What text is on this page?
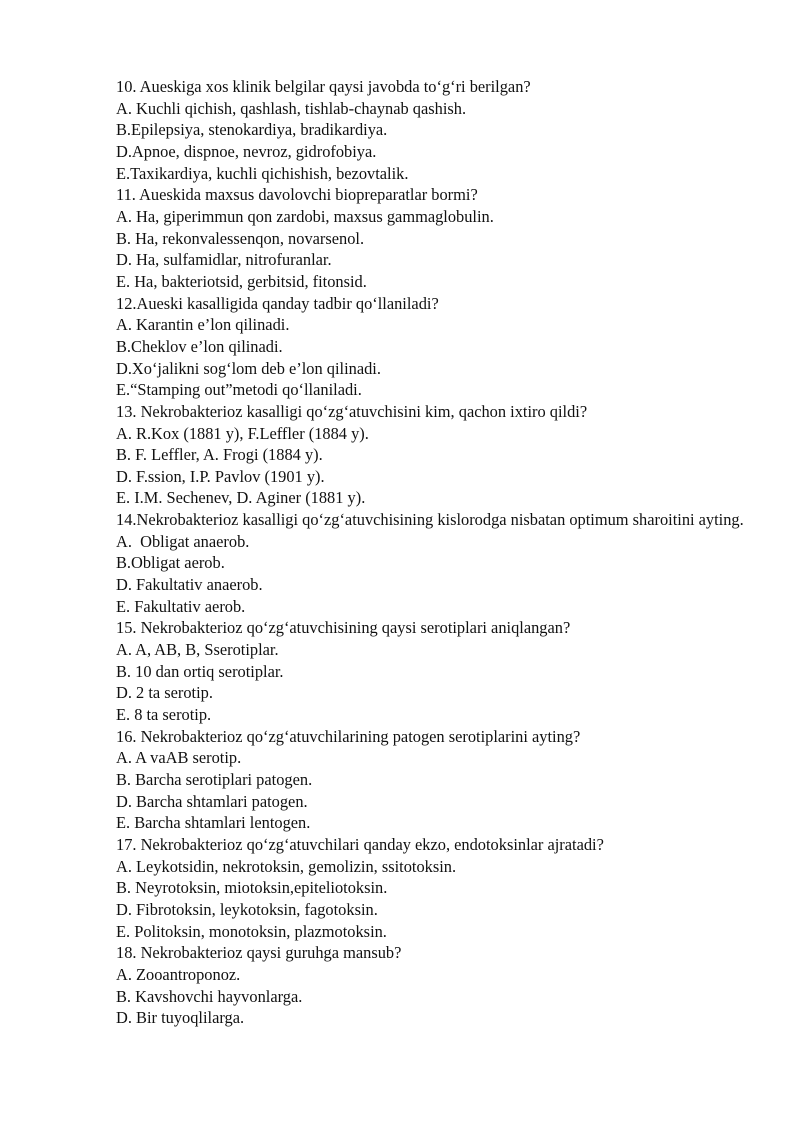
10. Aueskiga xos klinik belgilar qaysi javobda to‘g‘ri berilgan?

A. Kuchli qichish, qashlash, tishlab-chaynab qashish.

B.Epilepsiya, stenokardiya, bradikardiya.

D.Apnoe, dispnoe, nevroz, gidrofobiya.

E.Taxikardiya, kuchli qichishish, bezovtalik.

11. Aueskida maxsus davolovchi biopreparatlar bormi?

A. Ha, giperimmun qon zardobi, maxsus gammaglobulin.

B. Ha, rekonvalessenqon, novarsenol.

D. Ha, sulfamidlar, nitrofuranlar.

E. Ha, bakteriotsid, gerbitsid, fitonsid.

12.Aueski kasalligida qanday tadbir qo‘llaniladi?

A. Karantin e’lon qilinadi.

B.Cheklov e’lon qilinadi.

D.Xo‘jalikni sog‘lom deb e’lon qilinadi.

E.“Stamping out”metodi qo‘llaniladi.

13. Nekrobakterioz kasalligi qo‘zg‘atuvchisini kim, qachon ixtiro qildi?

A. R.Kox (1881 y), F.Leffler (1884 y).

B. F. Leffler, A. Frogi (1884 y).

D. F.ssion, I.P. Pavlov (1901 y).

E. I.M. Sechenev, D. Aginer (1881 y).

14.Nekrobakterioz kasalligi qo‘zg‘atuvchisining kislorodga nisbatan optimum sharoitini ayting.

A.  Obligat anaerob.

B.Obligat aerob.

D. Fakultativ anaerob.

E. Fakultativ aerob.

15. Nekrobakterioz qo‘zg‘atuvchisining qaysi serotiplari aniqlangan?

A. A, AB, B, Sserotiplar.

B. 10 dan ortiq serotiplar.

D. 2 ta serotip.

E. 8 ta serotip.

16. Nekrobakterioz qo‘zg‘atuvchilarining patogen serotiplarini ayting?

A. A vaAB serotip.

B. Barcha serotiplari patogen.

D. Barcha shtamlari patogen.

E. Barcha shtamlari lentogen.

17. Nekrobakterioz qo‘zg‘atuvchilari qanday ekzo, endotoksinlar ajratadi?

A. Leykotsidin, nekrotoksin, gemolizin, ssitotoksin.

B. Neyrotoksin, miotoksin,epiteliotoksin.

D. Fibrotoksin, leykotoksin, fagotoksin.

E. Politoksin, monotoksin, plazmotoksin.

18. Nekrobakterioz qaysi guruhga mansub?

A. Zooantroponoz.

B. Kavshovchi hayvonlarga.

D. Bir tuyoqlilarga.
